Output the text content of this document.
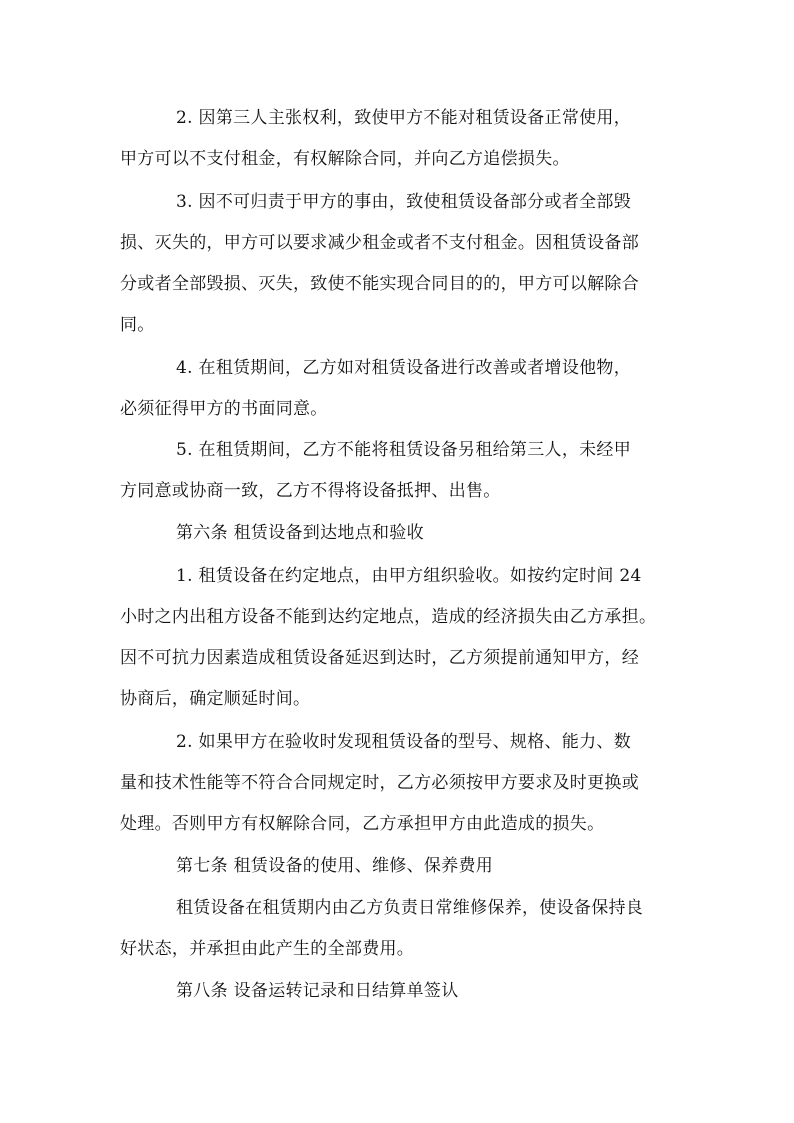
2. 因第三人主张权利，致使甲方不能对租赁设备正常使用，
甲方可以不支付租金，有权解除合同，并向乙方追偿损失。
3. 因不可归责于甲方的事由，致使租赁设备部分或者全部毁
损、灭失的，甲方可以要求减少租金或者不支付租金。因租赁设备部
分或者全部毁损、灭失，致使不能实现合同目的的，甲方可以解除合
同。
4. 在租赁期间，乙方如对租赁设备进行改善或者增设他物，
必须征得甲方的书面同意。
5. 在租赁期间，乙方不能将租赁设备另租给第三人，未经甲
方同意或协商一致，乙方不得将设备抵押、出售。
第六条 租赁设备到达地点和验收
1. 租赁设备在约定地点，由甲方组织验收。如按约定时间 24
小时之内出租方设备不能到达约定地点，造成的经济损失由乙方承担。
因不可抗力因素造成租赁设备延迟到达时，乙方须提前通知甲方，经
协商后，确定顺延时间。
2. 如果甲方在验收时发现租赁设备的型号、规格、能力、数
量和技术性能等不符合合同规定时，乙方必须按甲方要求及时更换或
处理。否则甲方有权解除合同，乙方承担甲方由此造成的损失。
第七条 租赁设备的使用、维修、保养费用
租赁设备在租赁期内由乙方负责日常维修保养，使设备保持良
好状态，并承担由此产生的全部费用。
第八条 设备运转记录和日结算单签认
